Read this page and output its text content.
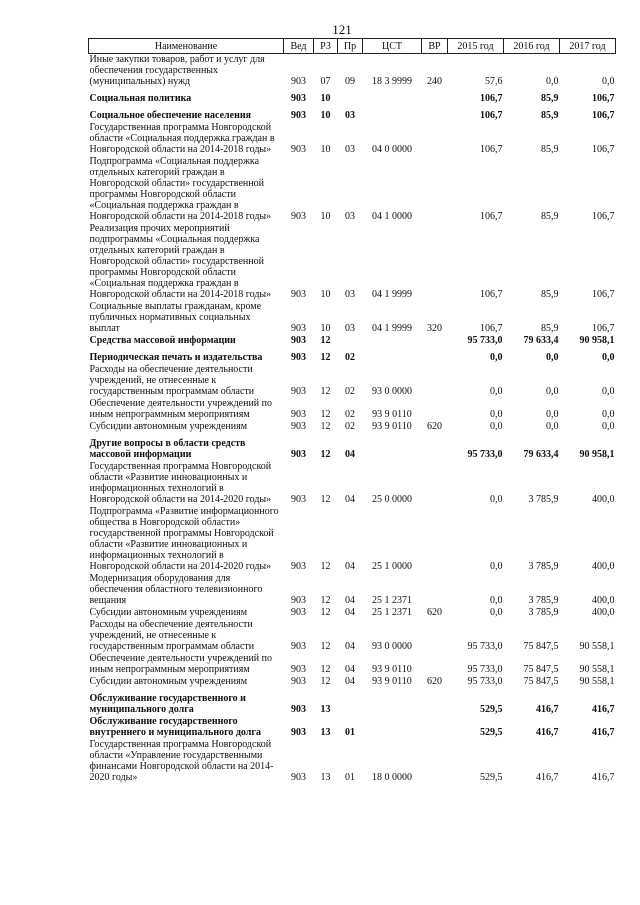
121
Наименование	Вед	РЗ	Пр	ЦСТ	ВР	2015 год	2016 год	2017 год
Иные закупки товаров, работ и услуг для обеспечения государственных (муниципальных) нужд	903	07	09	18 3 9999	240	57,6	0,0	0,0
Социальная политика	903	10				106,7	85,9	106,7
Социальное обеспечение населения	903	10	03			106,7	85,9	106,7
Государственная программа Новгородской области «Социальная поддержка граждан в Новгородской области на 2014-2018 годы»	903	10	03	04 0 0000		106,7	85,9	106,7
Подпрограмма «Социальная поддержка отдельных категорий граждан в Новгородской области» государственной программы Новгородской области «Социальная поддержка граждан в Новгородской области на 2014-2018 годы»	903	10	03	04 1 0000		106,7	85,9	106,7
Реализация прочих мероприятий подпрограммы «Социальная поддержка отдельных категорий граждан в Новгородской области» государственной программы Новгородской области «Социальная поддержка граждан в Новгородской области на 2014-2018 годы»	903	10	03	04 1 9999		106,7	85,9	106,7
Социальные выплаты гражданам, кроме публичных нормативных социальных выплат	903	10	03	04 1 9999	320	106,7	85,9	106,7
Средства массовой информации	903	12				95 733,0	79 633,4	90 958,1
Периодическая печать и издательства	903	12	02			0,0	0,0	0,0
Расходы на обеспечение деятельности учреждений, не отнесенные к государственным программам области	903	12	02	93 0 0000		0,0	0,0	0,0
Обеспечение деятельности учреждений по иным непрограммным мероприятиям	903	12	02	93 9 0110		0,0	0,0	0,0
Субсидии автономным учреждениям	903	12	02	93 9 0110	620	0,0	0,0	0,0
Другие вопросы в области средств массовой информации	903	12	04			95 733,0	79 633,4	90 958,1
Государственная программа Новгородской области «Развитие инновационных и информационных технологий в Новгородской области на 2014-2020 годы»	903	12	04	25 0 0000		0,0	3 785,9	400,0
Подпрограмма «Развитие информационного общества в Новгородской области» государственной программы Новгородской области «Развитие инновационных и информационных технологий в Новгородской области на 2014-2020 годы»	903	12	04	25 1 0000		0,0	3 785,9	400,0
Модернизация оборудования для обеспечения областного телевизионного вещания	903	12	04	25 1 2371		0,0	3 785,9	400,0
Субсидии автономным учреждениям	903	12	04	25 1 2371	620	0,0	3 785,9	400,0
Расходы на обеспечение деятельности учреждений, не отнесенные к государственным программам области	903	12	04	93 0 0000		95 733,0	75 847,5	90 558,1
Обеспечение деятельности учреждений по иным непрограммным мероприятиям	903	12	04	93 9 0110		95 733,0	75 847,5	90 558,1
Субсидии автономным учреждениям	903	12	04	93 9 0110	620	95 733,0	75 847,5	90 558,1
Обслуживание государственного и муниципального долга	903	13				529,5	416,7	416,7
Обслуживание государственного внутреннего и муниципального долга	903	13	01			529,5	416,7	416,7
Государственная программа Новгородской области «Управление государственными финансами Новгородской области на 2014-2020 годы»	903	13	01	18 0 0000		529,5	416,7	416,7
